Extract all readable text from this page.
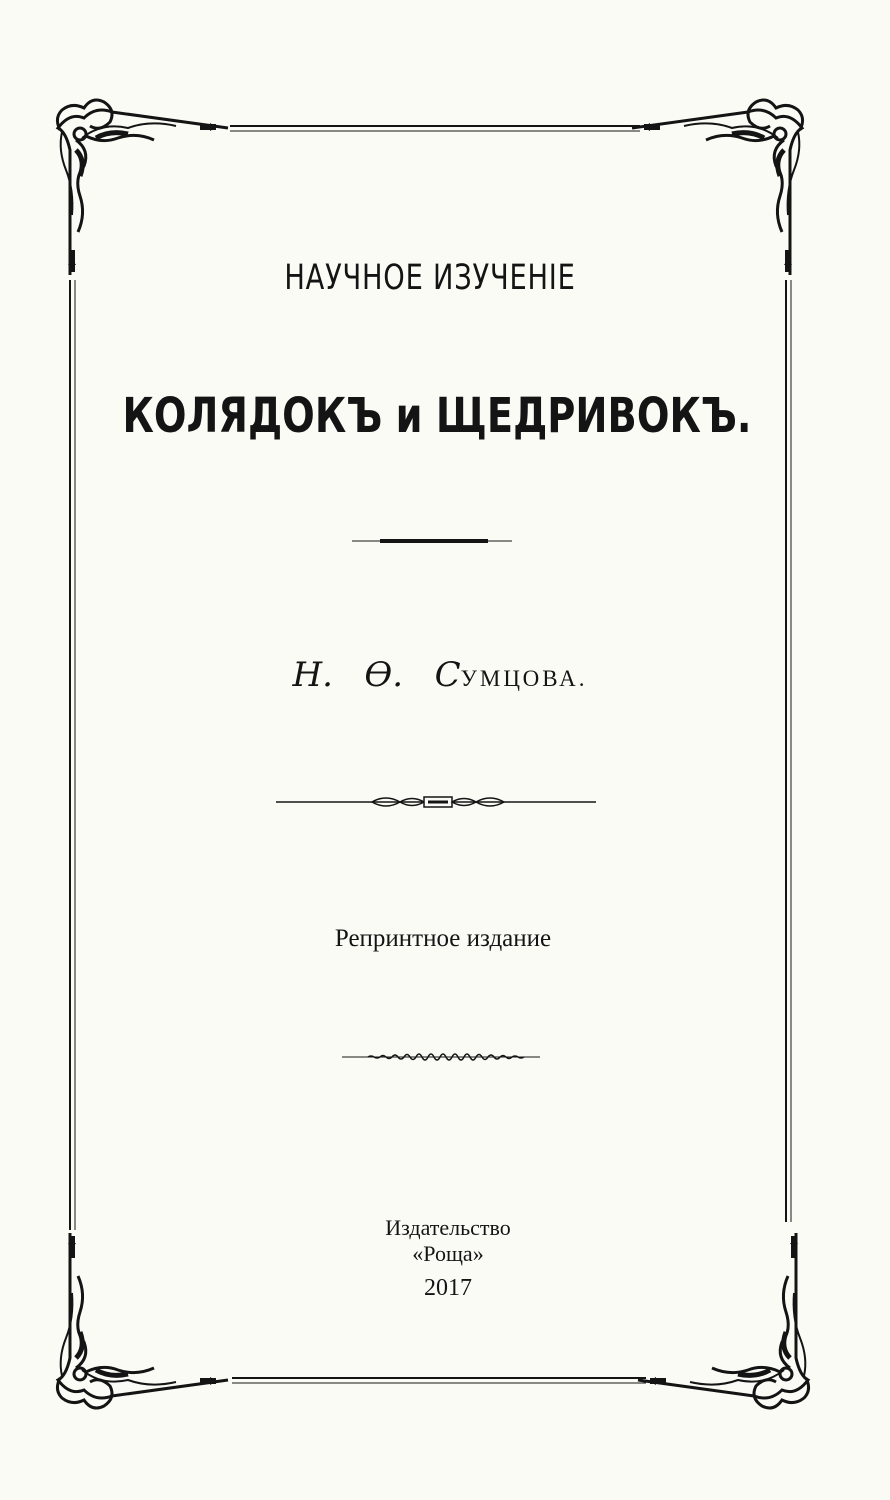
НАУЧНОЕ ИЗУЧЕНІЕ
КОЛЯДОКЪ и ЩЕДРИВОКЪ.
Н. Ѳ. СУМЦОВА.
Репринтное издание
Издательство
«Роща»
2017
